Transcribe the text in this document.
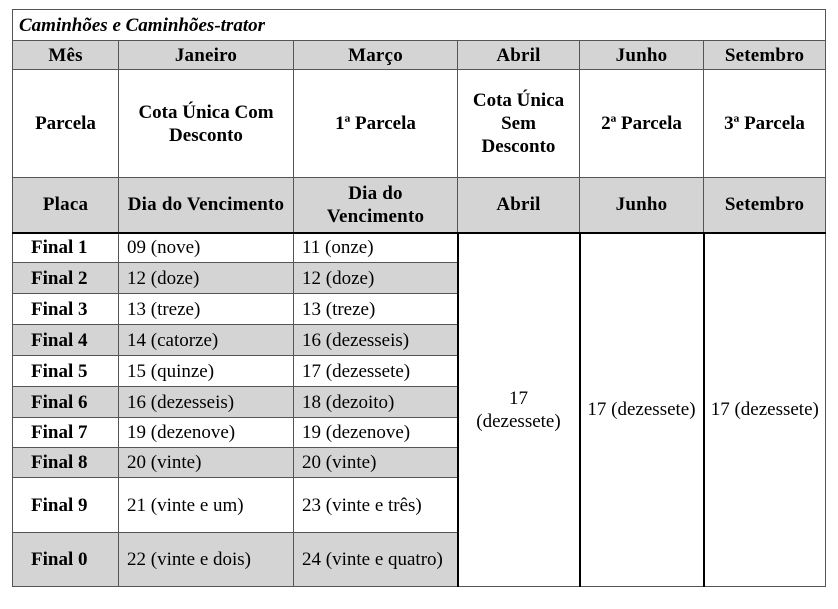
Caminhões e Caminhões-trator					
Mês	Janeiro	Março	Abril	Junho	Setembro
Parcela	Cota Única Com Desconto	1ª Parcela	Cota Única Sem Desconto	2ª Parcela	3ª Parcela
Placa	Dia do Vencimento	Dia do Vencimento	Abril	Junho	Setembro
Final 1	09 (nove)	11 (onze)	17 (dezessete)	17 (dezessete)	17 (dezessete)
Final 2	12 (doze)	12 (doze)			
Final 3	13 (treze)	13 (treze)			
Final 4	14 (catorze)	16 (dezesseis)			
Final 5	15 (quinze)	17 (dezessete)			
Final 6	16 (dezesseis)	18 (dezoito)			
Final 7	19 (dezenove)	19 (dezenove)			
Final 8	20 (vinte)	20 (vinte)			
Final 9	21 (vinte e um)	23 (vinte e três)			
Final 0	22 (vinte e dois)	24 (vinte e quatro)			
